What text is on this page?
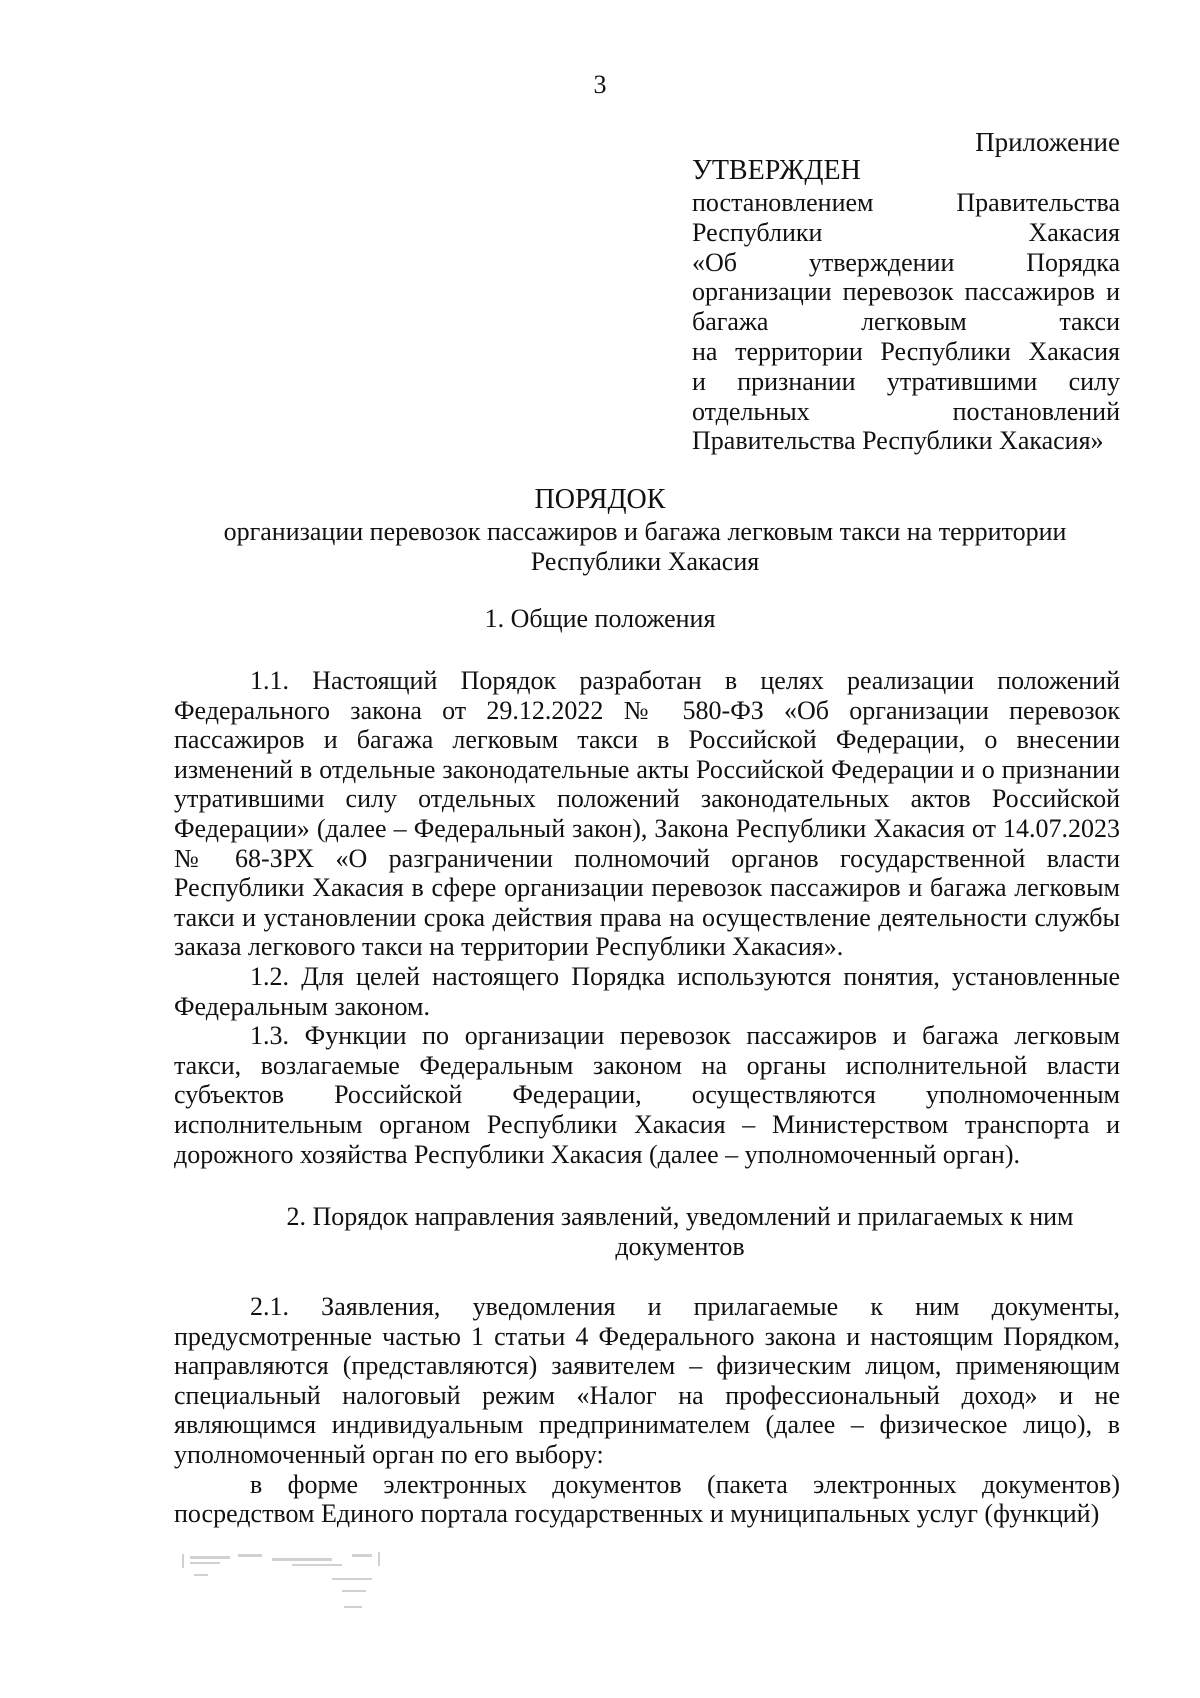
3
Приложение
УТВЕРЖДЕН
постановлением Правительства
Республики Хакасия
«Об утверждении Порядка
организации перевозок пассажиров и
багажа легковым такси
на территории Республики Хакасия
и признании утратившими силу
отдельных постановлений
Правительства Республики Хакасия»
ПОРЯДОК
организации перевозок пассажиров и багажа легковым такси на территории Республики Хакасия
1. Общие положения

1.1. Настоящий Порядок разработан в целях реализации положений Федерального закона от 29.12.2022 № 580-ФЗ «Об организации перевозок пассажиров и багажа легковым такси в Российской Федерации, о внесении изменений в отдельные законодательные акты Российской Федерации и о признании утратившими силу отдельных положений законодательных актов Российской Федерации» (далее – Федеральный закон), Закона Республики Хакасия от 14.07.2023 № 68-ЗРХ «О разграничении полномочий органов государственной власти Республики Хакасия в сфере организации перевозок пассажиров и багажа легковым такси и установлении срока действия права на осуществление деятельности службы заказа легкового такси на территории Республики Хакасия».

1.2. Для целей настоящего Порядка используются понятия, установленные Федеральным законом.

1.3. Функции по организации перевозок пассажиров и багажа легковым такси, возлагаемые Федеральным законом на органы исполнительной власти субъектов Российской Федерации, осуществляются уполномоченным исполнительным органом Республики Хакасия – Министерством транспорта и дорожного хозяйства Республики Хакасия (далее – уполномоченный орган).

2. Порядок направления заявлений, уведомлений и прилагаемых к ним документов

2.1. Заявления, уведомления и прилагаемые к ним документы, предусмотренные частью 1 статьи 4 Федерального закона и настоящим Порядком, направляются (представляются) заявителем – физическим лицом, применяющим специальный налоговый режим «Налог на профессиональный доход» и не являющимся индивидуальным предпринимателем (далее – физическое лицо), в уполномоченный орган по его выбору:

в форме электронных документов (пакета электронных документов) посредством Единого портала государственных и муниципальных услуг (функций)
